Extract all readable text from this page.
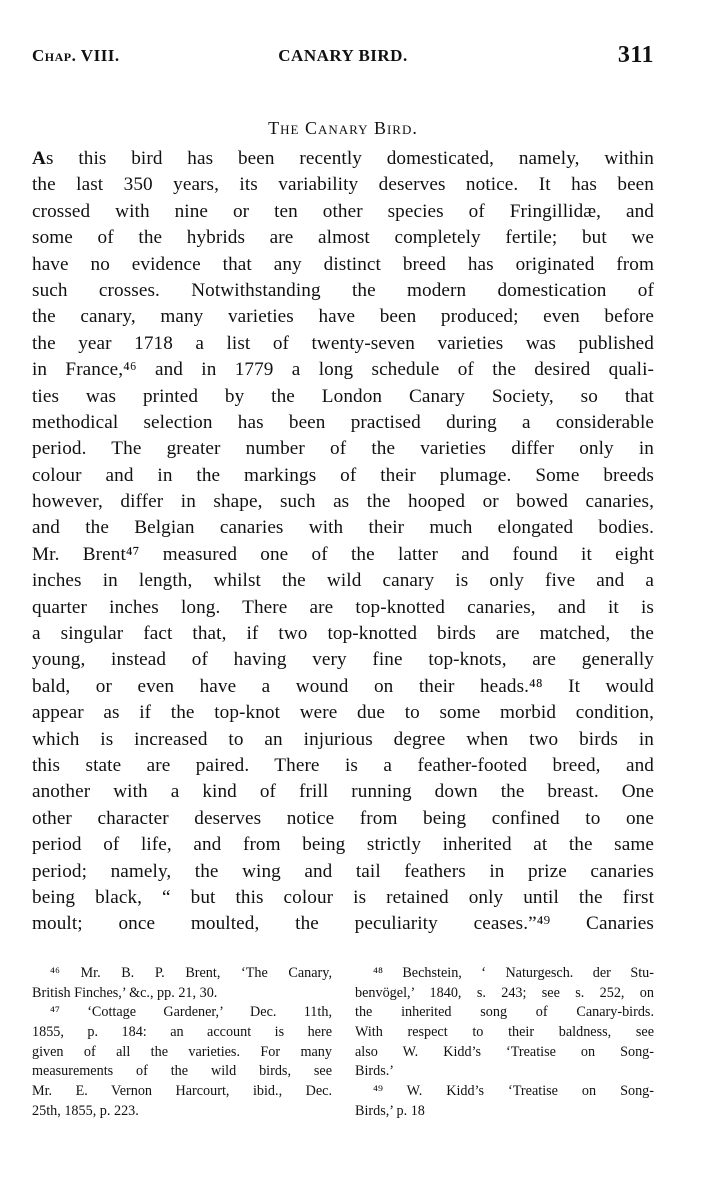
Chap. VIII.	CANARY BIRD.	311
The Canary Bird.
As this bird has been recently domesticated, namely, within
the last 350 years, its variability deserves notice. It has been
crossed with nine or ten other species of Fringillidæ, and
some of the hybrids are almost completely fertile; but we
have no evidence that any distinct breed has originated from
such crosses. Notwithstanding the modern domestication of
the canary, many varieties have been produced; even before
the year 1718 a list of twenty-seven varieties was published
in France,⁴⁶ and in 1779 a long schedule of the desired quali-
ties was printed by the London Canary Society, so that
methodical selection has been practised during a considerable
period. The greater number of the varieties differ only in
colour and in the markings of their plumage. Some breeds
however, differ in shape, such as the hooped or bowed canaries,
and the Belgian canaries with their much elongated bodies.
Mr. Brent⁴⁷ measured one of the latter and found it eight
inches in length, whilst the wild canary is only five and a
quarter inches long. There are top-knotted canaries, and it is
a singular fact that, if two top-knotted birds are matched, the
young, instead of having very fine top-knots, are generally
bald, or even have a wound on their heads.⁴⁸ It would
appear as if the top-knot were due to some morbid condition,
which is increased to an injurious degree when two birds in
this state are paired. There is a feather-footed breed, and
another with a kind of frill running down the breast. One
other character deserves notice from being confined to one
period of life, and from being strictly inherited at the same
period; namely, the wing and tail feathers in prize canaries
being black, “ but this colour is retained only until the first
moult; once moulted, the peculiarity ceases.”⁴⁹ Canaries
⁴⁶ Mr. B. P. Brent, ‘The Canary,
British Finches,’ &c., pp. 21, 30.
⁴⁷ ‘Cottage Gardener,’ Dec. 11th,
1855, p. 184: an account is here
given of all the varieties. For many
measurements of the wild birds, see
Mr. E. Vernon Harcourt, ibid., Dec.
25th, 1855, p. 223.
⁴⁸ Bechstein, ‘ Naturgesch. der Stu-
benvögel,’ 1840, s. 243; see s. 252, on
the inherited song of Canary-birds.
With respect to their baldness, see
also W. Kidd’s ‘Treatise on Song-
Birds.’
⁴⁹ W. Kidd’s ‘Treatise on Song-
Birds,’ p. 18
